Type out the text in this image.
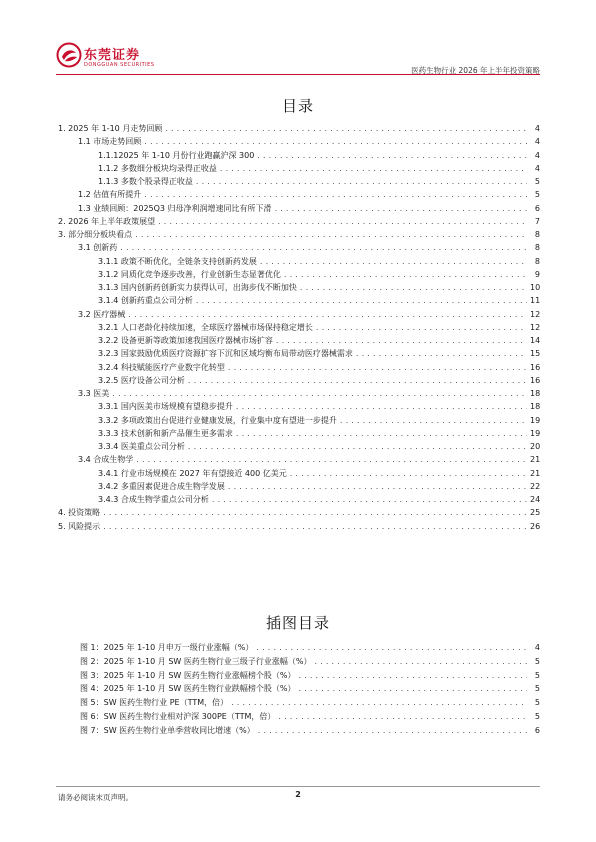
东莞证券
DONGGUAN SECURITIES
医药生物行业 2026 年上半年投资策略
目录
1. 2025 年 1-10 月走势回顾 . . .	4
1.1 市场走势回顾 . . .	4
1.1.12025 年 1-10 月份行业跑赢沪深 300 . . .	4
1.1.2 多数细分板块均录得正收益 . . .	4
1.1.3 多数个股录得正收益 . . .	5
1.2 估值有所提升 . . .	5
1.3 业绩回顾：2025Q3 归母净利润增速同比有所下滑 . . .	6
2. 2026 年上半年政策展望 . . .	7
3. 部分细分板块看点 . . .	8
3.1 创新药 . . .	8
3.1.1 政策不断优化，全链条支持创新药发展 . . .	8
3.1.2 同质化竞争逐步改善，行业创新生态显著优化 . . .	9
3.1.3 国内创新药创新实力获得认可，出海步伐不断加快 . . .	10
3.1.4 创新药重点公司分析 . . .	11
3.2 医疗器械 . . .	12
3.2.1 人口老龄化持续加速，全球医疗器械市场保持稳定增长 . . .	12
3.2.2 设备更新等政策加速我国医疗器械市场扩容 . . .	14
3.2.3 国家鼓励优质医疗资源扩容下沉和区域均衡布局带动医疗器械需求 . . .	15
3.2.4 科技赋能医疗产业数字化转型 . . .	16
3.2.5 医疗设备公司分析 . . .	16
3.3 医美 . . .	18
3.3.1 国内医美市场规模有望稳步提升 . . .	18
3.3.2 多项政策出台促进行业健康发展，行业集中度有望进一步提升 . . .	19
3.3.3 技术创新和新产品催生更多需求 . . .	19
3.3.4 医美重点公司分析 . . .	20
3.4 合成生物学 . . .	21
3.4.1 行业市场规模在 2027 年有望接近 400 亿美元 . . .	21
3.4.2 多重因素促进合成生物学发展 . . .	22
3.4.3 合成生物学重点公司分析 . . .	24
4. 投资策略 . . .	25
5. 风险提示 . . .	26
插图目录
图 1：2025 年 1-10 月申万一级行业涨幅（%） . . .	4
图 2：2025 年 1-10 月 SW 医药生物行业三级子行业涨幅（%） . . .	5
图 3：2025 年 1-10 月 SW 医药生物行业涨幅榜个股（%） . . .	5
图 4：2025 年 1-10 月 SW 医药生物行业跌幅榜个股（%） . . .	5
图 5：SW 医药生物行业 PE（TTM，倍） . . .	5
图 6：SW 医药生物行业相对沪深 300PE（TTM，倍） . . .	5
图 7：SW 医药生物行业单季营收同比增速（%） . . .	6
请务必阅读末页声明。	2
